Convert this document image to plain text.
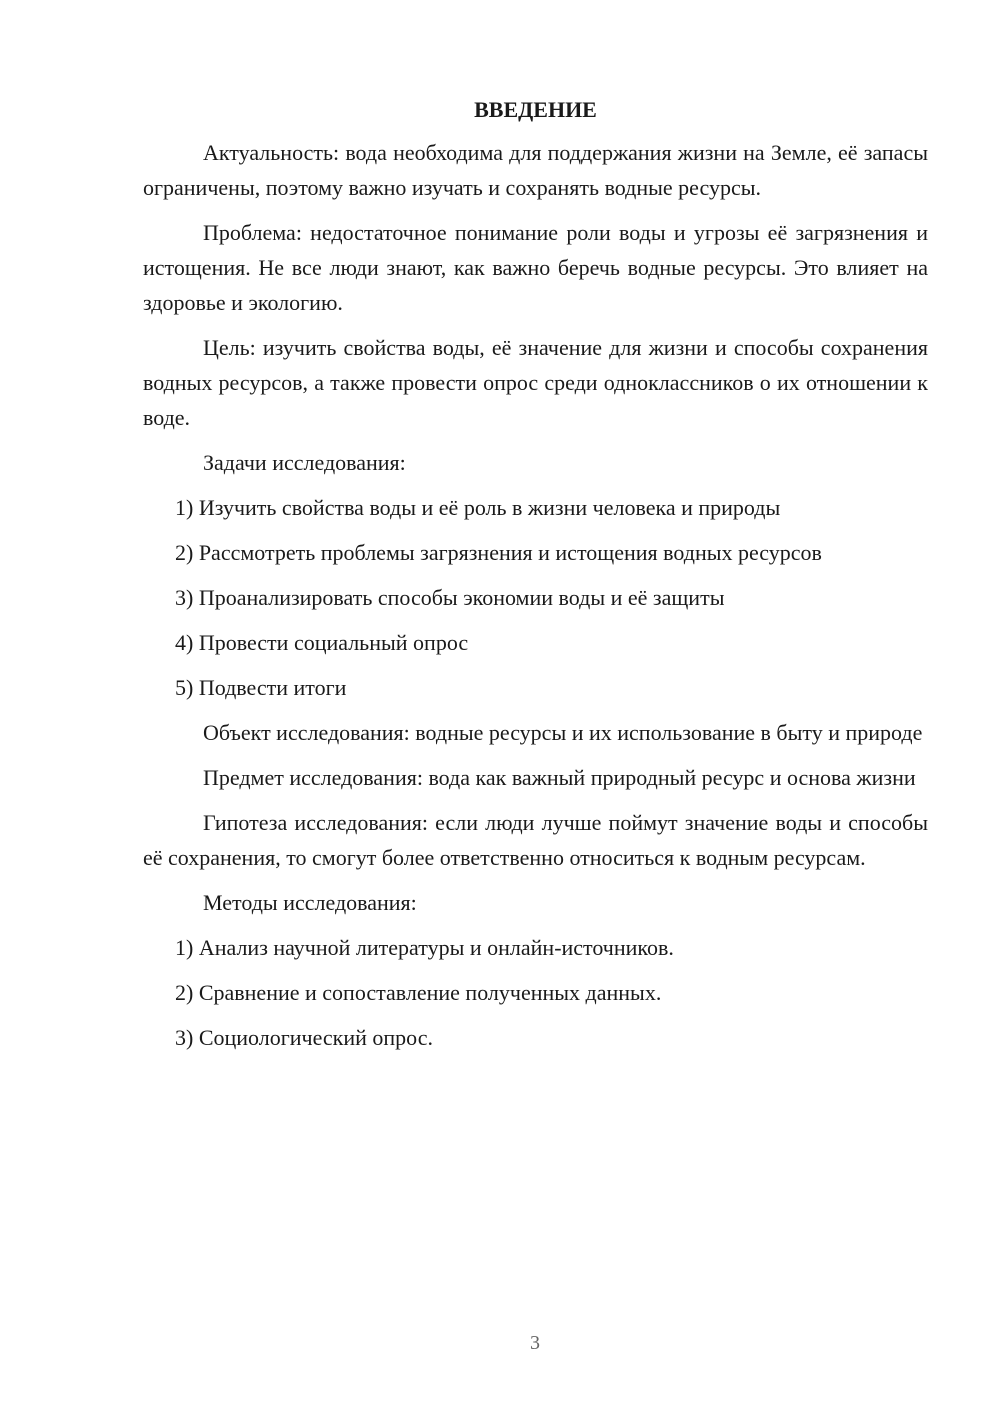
ВВЕДЕНИЕ

Актуальность: вода необходима для поддержания жизни на Земле, её запасы ограничены, поэтому важно изучать и сохранять водные ресурсы.

Проблема: недостаточное понимание роли воды и угрозы её загрязнения и истощения. Не все люди знают, как важно беречь водные ресурсы. Это влияет на здоровье и экологию.

Цель: изучить свойства воды, её значение для жизни и способы сохранения водных ресурсов, а также провести опрос среди одноклассников о их отношении к воде.

Задачи исследования:

1) Изучить свойства воды и её роль в жизни человека и природы
2) Рассмотреть проблемы загрязнения и истощения водных ресурсов
3) Проанализировать способы экономии воды и её защиты
4) Провести социальный опрос
5) Подвести итоги

Объект исследования: водные ресурсы и их использование в быту и природе

Предмет исследования: вода как важный природный ресурс и основа жизни

Гипотеза исследования: если люди лучше поймут значение воды и способы её сохранения, то смогут более ответственно относиться к водным ресурсам.

Методы исследования:

1) Анализ научной литературы и онлайн-источников.
2) Сравнение и сопоставление полученных данных.
3) Социологический опрос.
3
